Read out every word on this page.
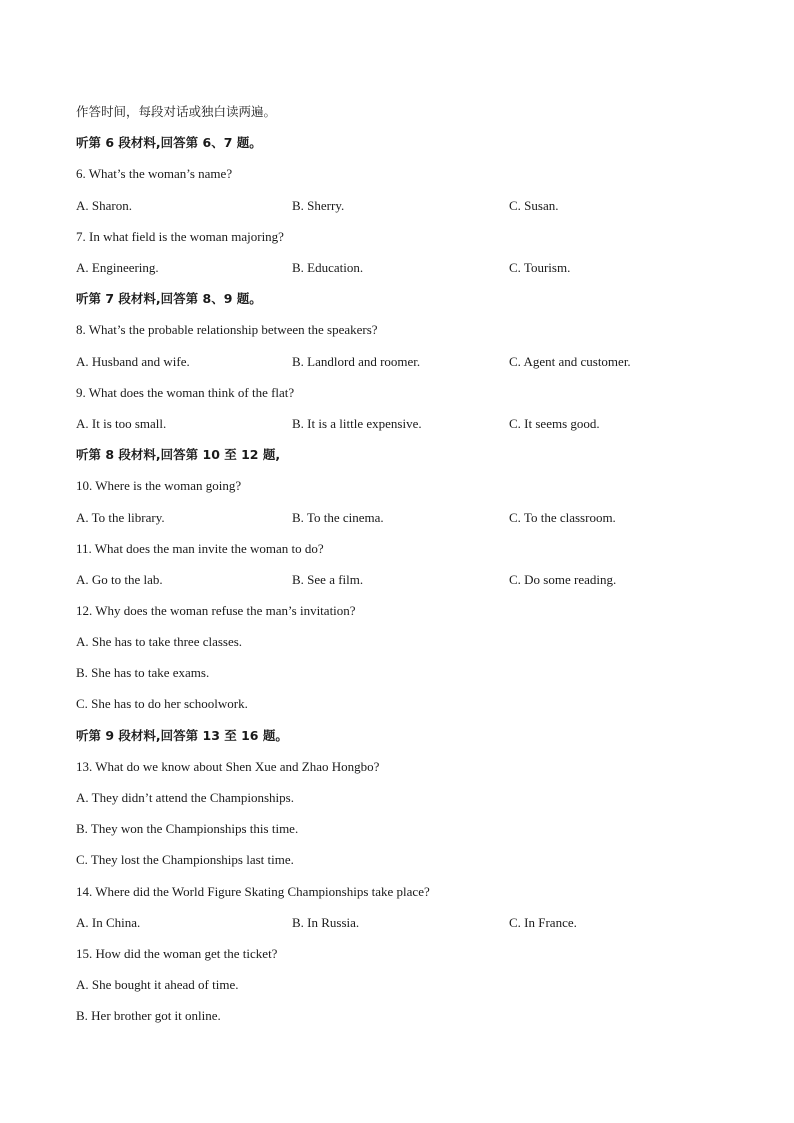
作答时间，每段对话或独白读两遍。
听第 6 段材料,回答第 6、7 题。
6. What’s the woman’s name?
A. Sharon.	B. Sherry.	C. Susan.
7. In what field is the woman majoring?
A. Engineering.	B. Education.	C. Tourism.
听第 7 段材料,回答第 8、9 题。
8. What’s the probable relationship between the speakers?
A. Husband and wife.	B. Landlord and roomer.	C. Agent and customer.
9. What does the woman think of the flat?
A. It is too small.	B. It is a little expensive.	C. It seems good.
听第 8 段材料,回答第 10 至 12 题,
10. Where is the woman going?
A. To the library.	B. To the cinema.	C. To the classroom.
11. What does the man invite the woman to do?
A. Go to the lab.	B. See a film.	C. Do some reading.
12. Why does the woman refuse the man’s invitation?
A. She has to take three classes.
B. She has to take exams.
C. She has to do her schoolwork.
听第 9 段材料,回答第 13 至 16 题。
13. What do we know about Shen Xue and Zhao Hongbo?
A. They didn’t attend the Championships.
B. They won the Championships this time.
C. They lost the Championships last time.
14. Where did the World Figure Skating Championships take place?
A. In China.	B. In Russia.	C. In France.
15. How did the woman get the ticket?
A. She bought it ahead of time.
B. Her brother got it online.
